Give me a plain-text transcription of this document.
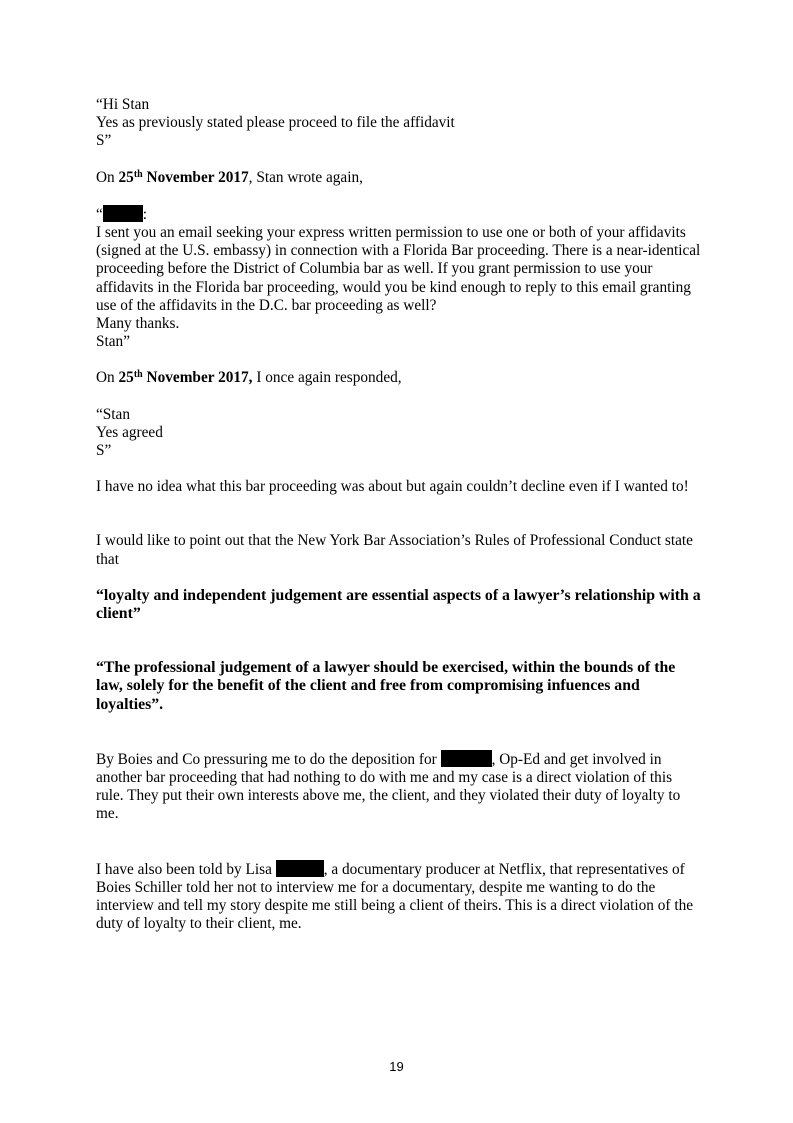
“Hi Stan

Yes as previously stated please proceed to file the affidavit

S”

On 25th November 2017, Stan wrote again,

“	:

I sent you an email seeking your express written permission to use one or both of your affidavits (signed at the U.S. embassy) in connection with a Florida Bar proceeding. There is a near-identical proceeding before the District of Columbia bar as well. If you grant permission to use your affidavits in the Florida bar proceeding, would you be kind enough to reply to this email granting use of the affidavits in the D.C. bar proceeding as well?

Many thanks.

Stan”

On 25th November 2017, I once again responded,

“Stan

Yes agreed

S”

I have no idea what this bar proceeding was about but again couldn’t decline even if I wanted to!

I would like to point out that the New York Bar Association’s Rules of Professional Conduct state that

“loyalty and independent judgement are essential aspects of a lawyer’s relationship with a client”

“The professional judgement of a lawyer should be exercised, within the bounds of the law, solely for the benefit of the client and free from compromising infuences and loyalties”.

By Boies and Co pressuring me to do the deposition for	, Op-Ed and get involved in another bar proceeding that had nothing to do with me and my case is a direct violation of this rule. They put their own interests above me, the client, and they violated their duty of loyalty to me.

I have also been told by Lisa	, a documentary producer at Netflix, that representatives of Boies Schiller told her not to interview me for a documentary, despite me wanting to do the interview and tell my story despite me still being a client of theirs. This is a direct violation of the duty of loyalty to their client, me.

19
